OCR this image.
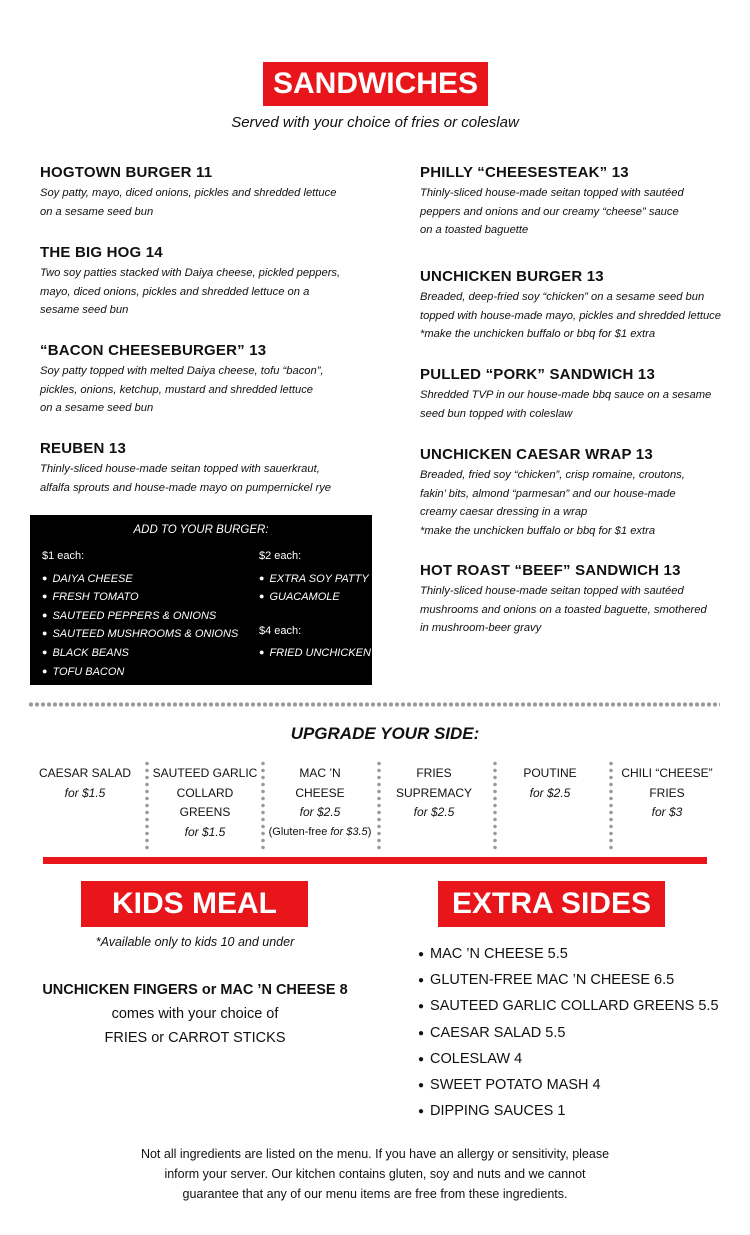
SANDWICHES
Served with your choice of fries or coleslaw
HOGTOWN BURGER 11
Soy patty, mayo, diced onions, pickles and shredded lettuce
on a sesame seed bun
THE BIG HOG 14
Two soy patties stacked with Daiya cheese, pickled peppers,
mayo, diced onions, pickles and shredded lettuce on a
sesame seed bun
“BACON CHEESEBURGER” 13
Soy patty topped with melted Daiya cheese, tofu “bacon”,
pickles, onions, ketchup, mustard and shredded lettuce
on a sesame seed bun
REUBEN 13
Thinly-sliced house-made seitan topped with sauerkraut,
alfalfa sprouts and house-made mayo on pumpernickel rye
PHILLY “CHEESESTEAK” 13
Thinly-sliced house-made seitan topped with sautéed
peppers and onions and our creamy “cheese” sauce
on a toasted baguette
UNCHICKEN BURGER 13
Breaded, deep-fried soy “chicken” on a sesame seed bun
topped with house-made mayo, pickles and shredded lettuce
*make the unchicken buffalo or bbq for $1 extra
PULLED “PORK” SANDWICH 13
Shredded TVP in our house-made bbq sauce on a sesame
seed bun topped with coleslaw
UNCHICKEN CAESAR WRAP 13
Breaded, fried soy “chicken”, crisp romaine, croutons,
fakin’ bits, almond “parmesan” and our house-made
creamy caesar dressing in a wrap
*make the unchicken buffalo or bbq for $1 extra
HOT ROAST “BEEF” SANDWICH 13
Thinly-sliced house-made seitan topped with sautéed
mushrooms and onions on a toasted baguette, smothered
in mushroom-beer gravy
ADD TO YOUR BURGER:
$1 each:
● DAIYA CHEESE
● FRESH TOMATO
● SAUTEED PEPPERS & ONIONS
● SAUTEED MUSHROOMS & ONIONS
● BLACK BEANS
● TOFU BACON
$2 each:
● EXTRA SOY PATTY
● GUACAMOLE
$4 each:
● FRIED UNCHICKEN
UPGRADE YOUR SIDE:
CAESAR SALAD
for $1.5
SAUTEED GARLIC
COLLARD GREENS
for $1.5
MAC ’N
CHEESE
for $2.5
(Gluten-free for $3.5)
FRIES
SUPREMACY
for $2.5
POUTINE
for $2.5
CHILI “CHEESE”
FRIES
for $3
KIDS MEAL
*Available only to kids 10 and under
UNCHICKEN FINGERS or MAC ’N CHEESE 8
comes with your choice of
FRIES or CARROT STICKS
EXTRA SIDES
● MAC ’N CHEESE 5.5
● GLUTEN-FREE MAC ’N CHEESE 6.5
● SAUTEED GARLIC COLLARD GREENS 5.5
● CAESAR SALAD 5.5
● COLESLAW 4
● SWEET POTATO MASH 4
● DIPPING SAUCES 1
Not all ingredients are listed on the menu. If you have an allergy or sensitivity, please
inform your server. Our kitchen contains gluten, soy and nuts and we cannot
guarantee that any of our menu items are free from these ingredients.
